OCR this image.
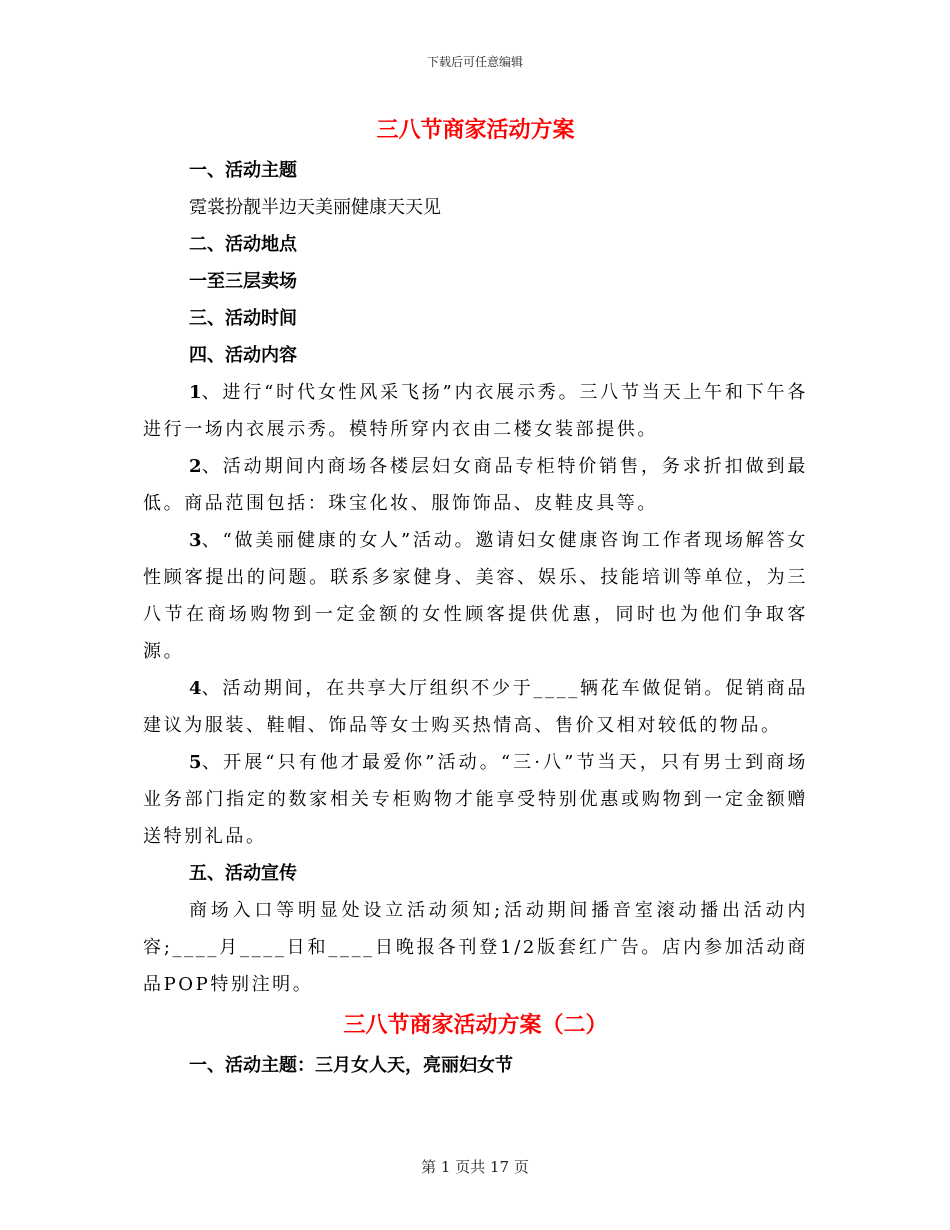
下载后可任意编辑
三八节商家活动方案

一、活动主题

霓裳扮靓半边天美丽健康天天见

二、活动地点

一至三层卖场

三、活动时间

四、活动内容

1、进行“时代女性风采飞扬”内衣展示秀。三八节当天上午和下午各进行一场内衣展示秀。模特所穿内衣由二楼女装部提供。

2、活动期间内商场各楼层妇女商品专柜特价销售，务求折扣做到最低。商品范围包括：珠宝化妆、服饰饰品、皮鞋皮具等。

3、“做美丽健康的女人”活动。邀请妇女健康咨询工作者现场解答女性顾客提出的问题。联系多家健身、美容、娱乐、技能培训等单位，为三八节在商场购物到一定金额的女性顾客提供优惠，同时也为他们争取客源。

4、活动期间，在共享大厅组织不少于____辆花车做促销。促销商品建议为服装、鞋帽、饰品等女士购买热情高、售价又相对较低的物品。

5、开展“只有他才最爱你”活动。“三·八”节当天，只有男士到商场业务部门指定的数家相关专柜购物才能享受特别优惠或购物到一定金额赠送特别礼品。

五、活动宣传

商场入口等明显处设立活动须知;活动期间播音室滚动播出活动内容;____月____日和____日晚报各刊登1/2版套红广告。店内参加活动商品POP特别注明。

三八节商家活动方案（二）

一、活动主题：三月女人天，亮丽妇女节

第 1 页共 17 页
